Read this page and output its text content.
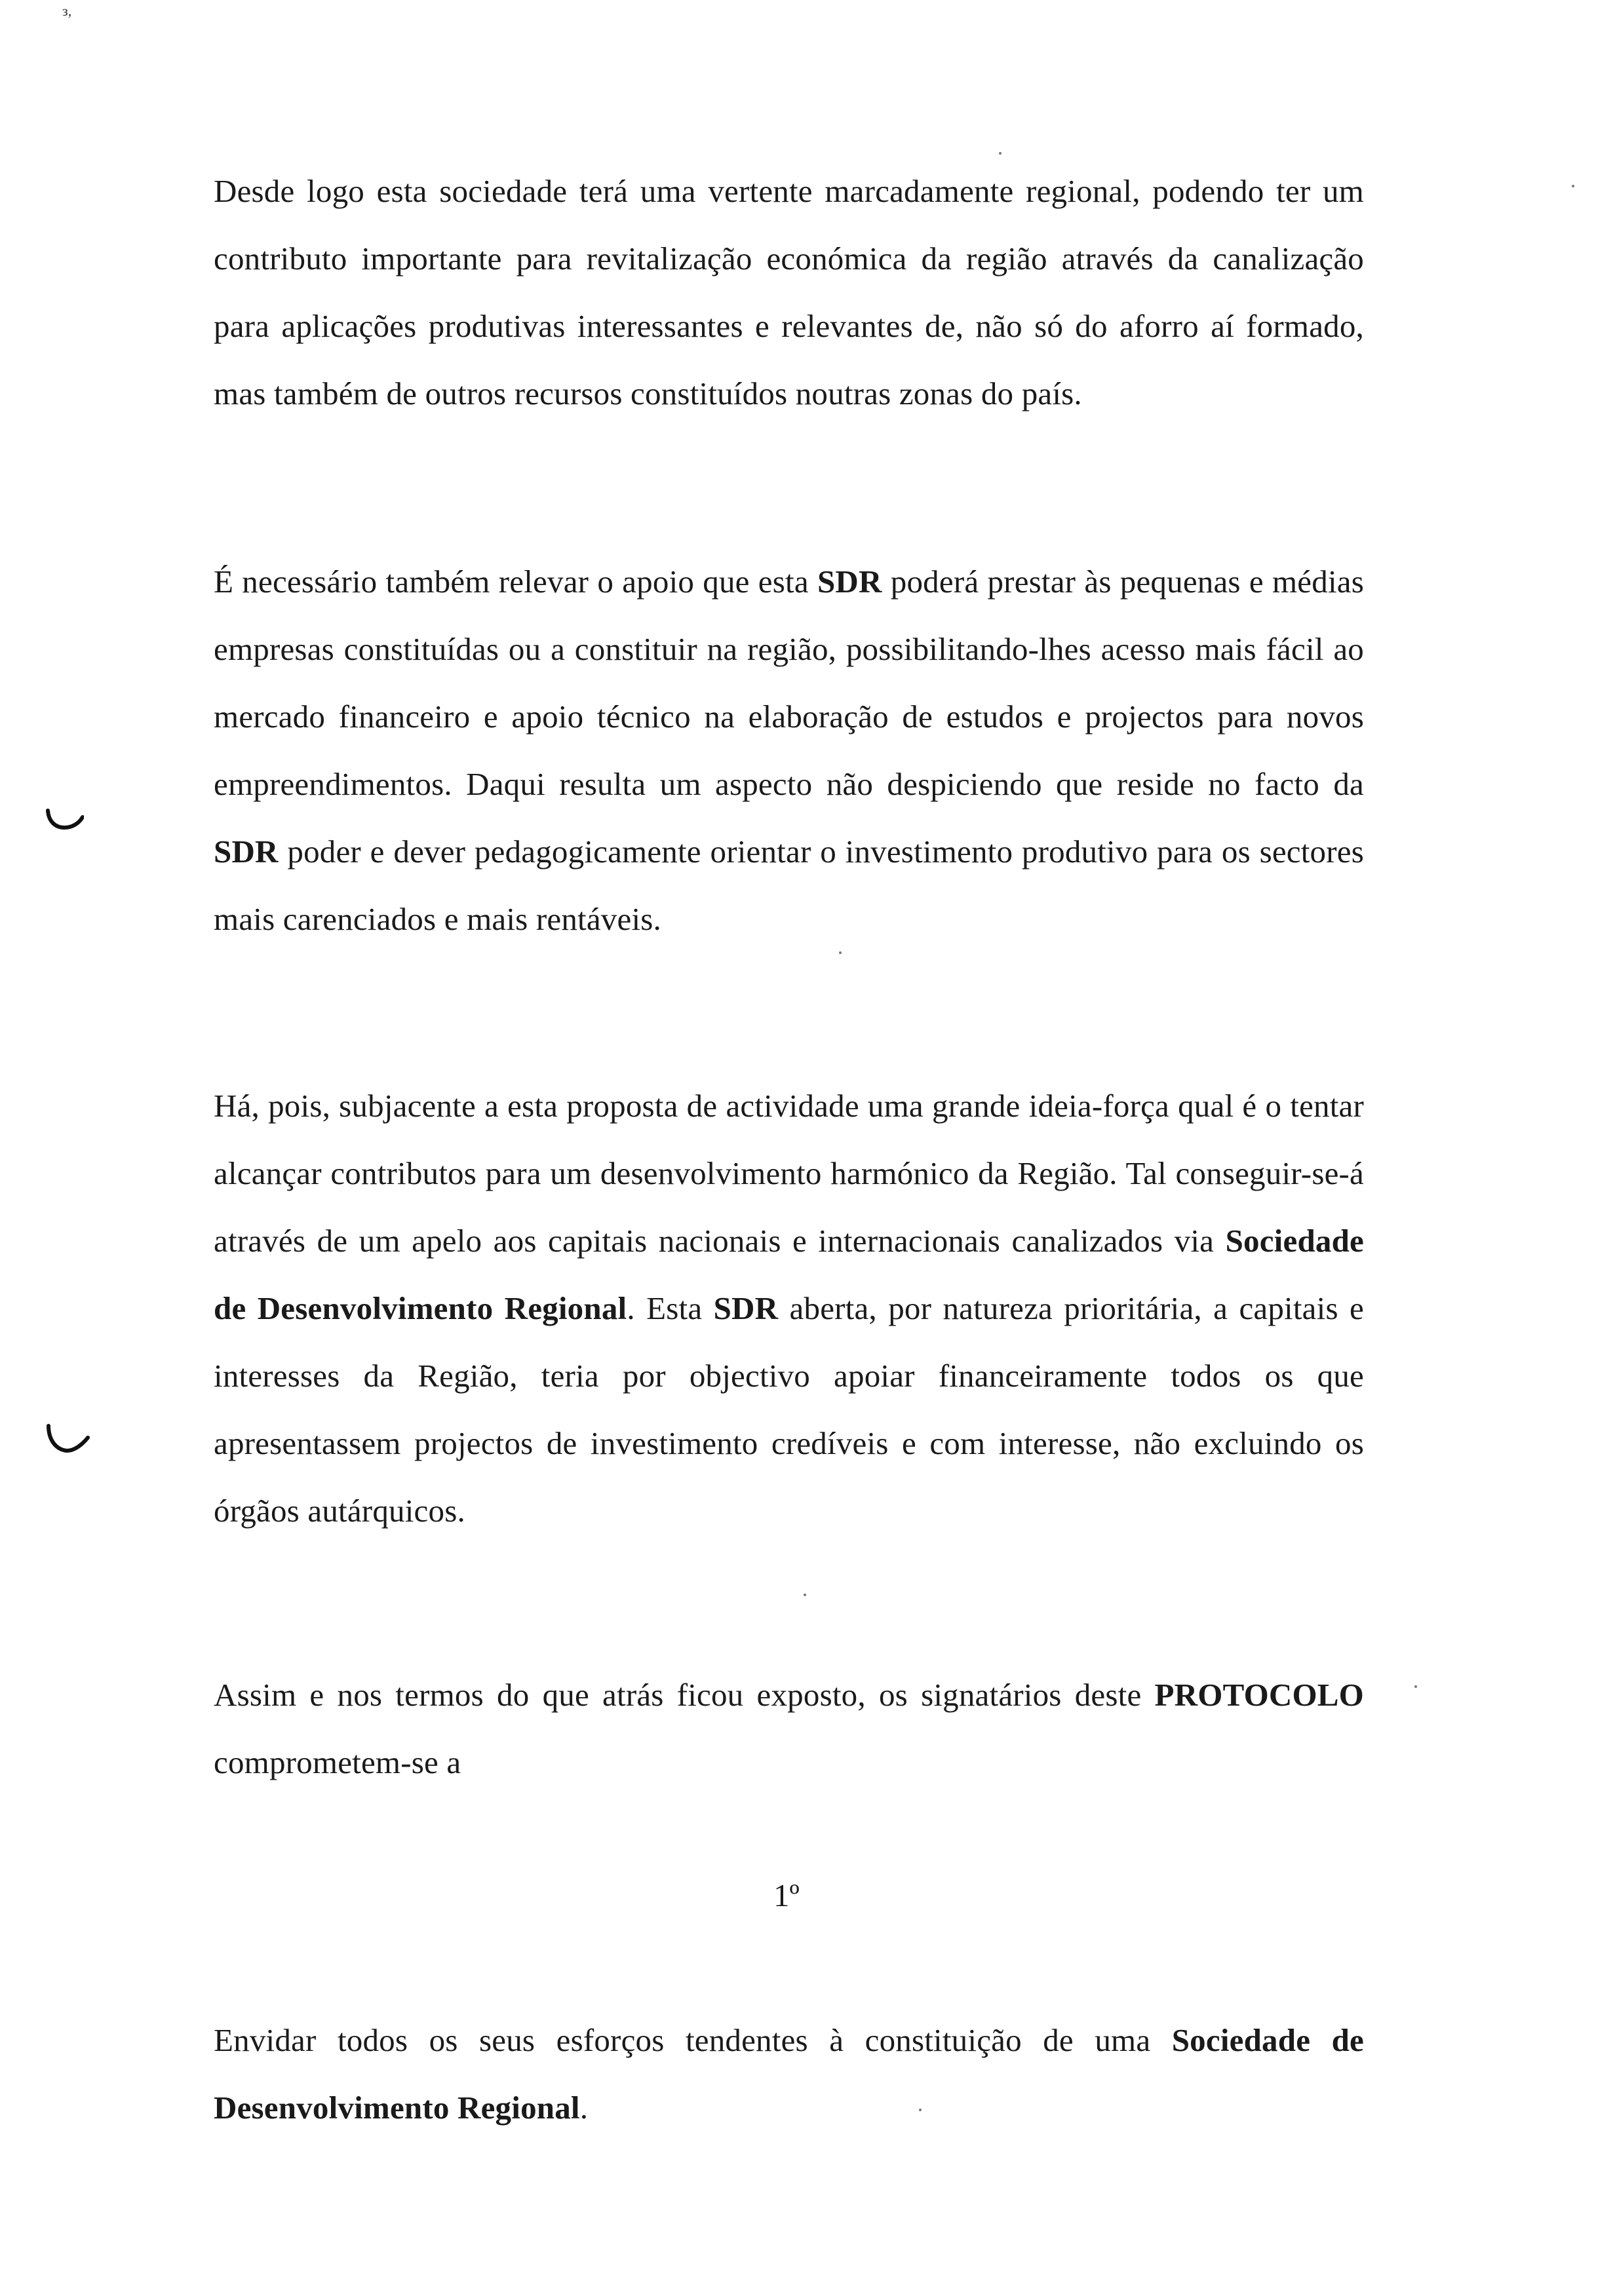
з,

Desde logo esta sociedade terá uma vertente marcadamente regional, podendo ter um contributo importante para revitalização económica da região através da canalização para aplicações produtivas interessantes e relevantes de, não só do aforro aí formado, mas também de outros recursos constituídos noutras zonas do país.

É necessário também relevar o apoio que esta SDR poderá prestar às pequenas e médias empresas constituídas ou a constituir na região, possibilitando-lhes acesso mais fácil ao mercado financeiro e apoio técnico na elaboração de estudos e projectos para novos empreendimentos. Daqui resulta um aspecto não despiciendo que reside no facto da SDR poder e dever pedagogicamente orientar o investimento produtivo para os sectores mais carenciados e mais rentáveis.

Há, pois, subjacente a esta proposta de actividade uma grande ideia-força qual é o tentar alcançar contributos para um desenvolvimento harmónico da Região. Tal conseguir-se-á através de um apelo aos capitais nacionais e internacionais canalizados via Sociedade de Desenvolvimento Regional. Esta SDR aberta, por natureza prioritária, a capitais e interesses da Região, teria por objectivo apoiar financeiramente todos os que apresentassem projectos de investimento credíveis e com interesse, não excluindo os órgãos autárquicos.

Assim e nos termos do que atrás ficou exposto, os signatários deste PROTOCOLO comprometem-se a

1º

Envidar todos os seus esforços tendentes à constituição de uma Sociedade de Desenvolvimento Regional.
